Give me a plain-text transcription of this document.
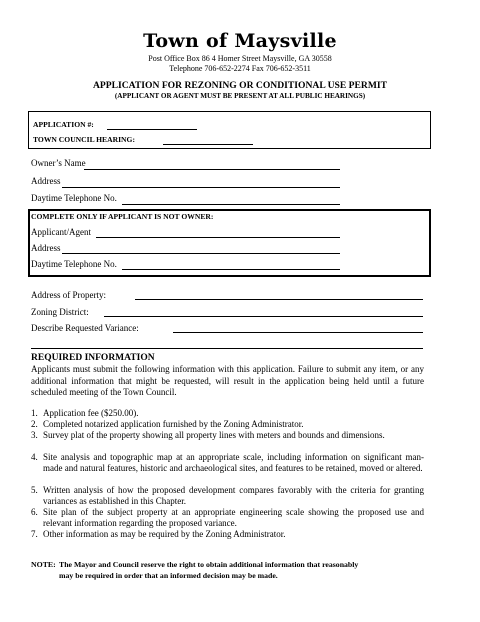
Town of Maysville
Post Office Box 86 4 Homer Street Maysville, GA 30558
Telephone 706-652-2274 Fax 706-652-3511
APPLICATION FOR REZONING OR CONDITIONAL USE PERMIT
(APPLICANT OR AGENT MUST BE PRESENT AT ALL PUBLIC HEARINGS)
APPLICATION #:
TOWN COUNCIL HEARING:
Owner’s Name
Address
Daytime Telephone No.
COMPLETE ONLY IF APPLICANT IS NOT OWNER:
Applicant/Agent
Address
Daytime Telephone No.
Address of Property:
Zoning District:
Describe Requested Variance:
REQUIRED INFORMATION
Applicants must submit the following information with this application. Failure to submit any item, or any additional information that might be requested, will result in the application being held until a future scheduled meeting of the Town Council.
1. Application fee ($250.00).
2. Completed notarized application furnished by the Zoning Administrator.
3. Survey plat of the property showing all property lines with meters and bounds and dimensions.
4. Site analysis and topographic map at an appropriate scale, including information on significant man-made and natural features, historic and archaeological sites, and features to be retained, moved or altered.
5. Written analysis of how the proposed development compares favorably with the criteria for granting variances as established in this Chapter.
6. Site plan of the subject property at an appropriate engineering scale showing the proposed use and relevant information regarding the proposed variance.
7. Other information as may be required by the Zoning Administrator.
NOTE: The Mayor and Council reserve the right to obtain additional information that reasonably
may be required in order that an informed decision may be made.
